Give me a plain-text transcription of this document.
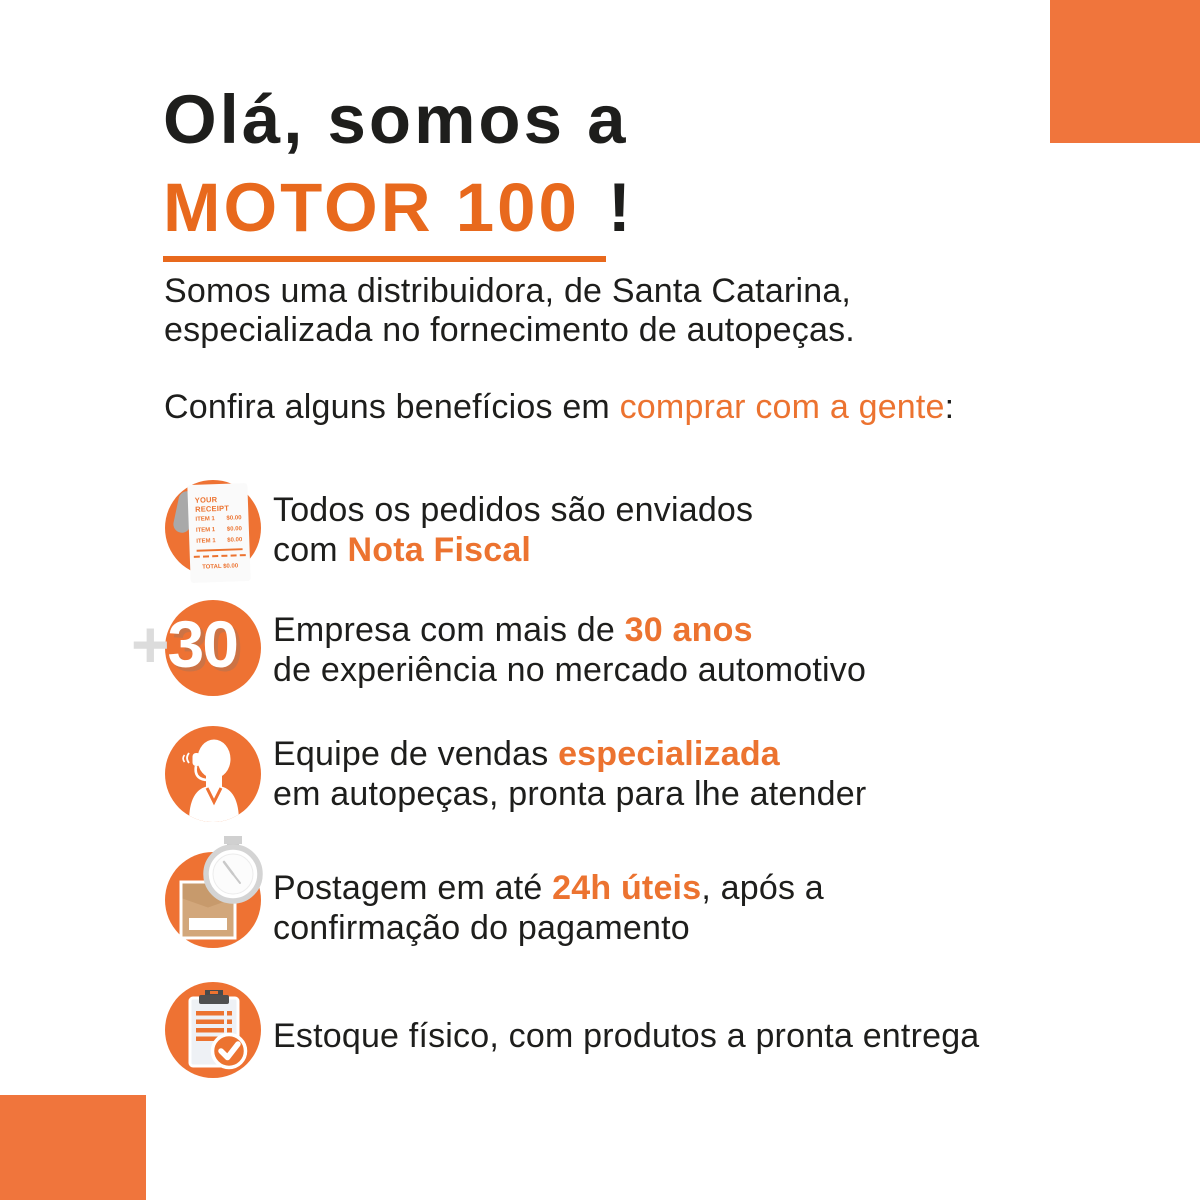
Olá, somos a
MOTOR 100 !
Somos uma distribuidora, de Santa Catarina,
especializada no fornecimento de autopeças.
Confira alguns benefícios em comprar com a gente:
YOUR RECEIPT
ITEM 1 $0.00
ITEM 1 $0.00
ITEM 1 $0.00
TOTAL $0.00
Todos os pedidos são enviados
com Nota Fiscal
+30 Empresa com mais de 30 anos
de experiência no mercado automotivo
Equipe de vendas especializada
em autopeças, pronta para lhe atender
Postagem em até 24h úteis, após a
confirmação do pagamento
Estoque físico, com produtos a pronta entrega
